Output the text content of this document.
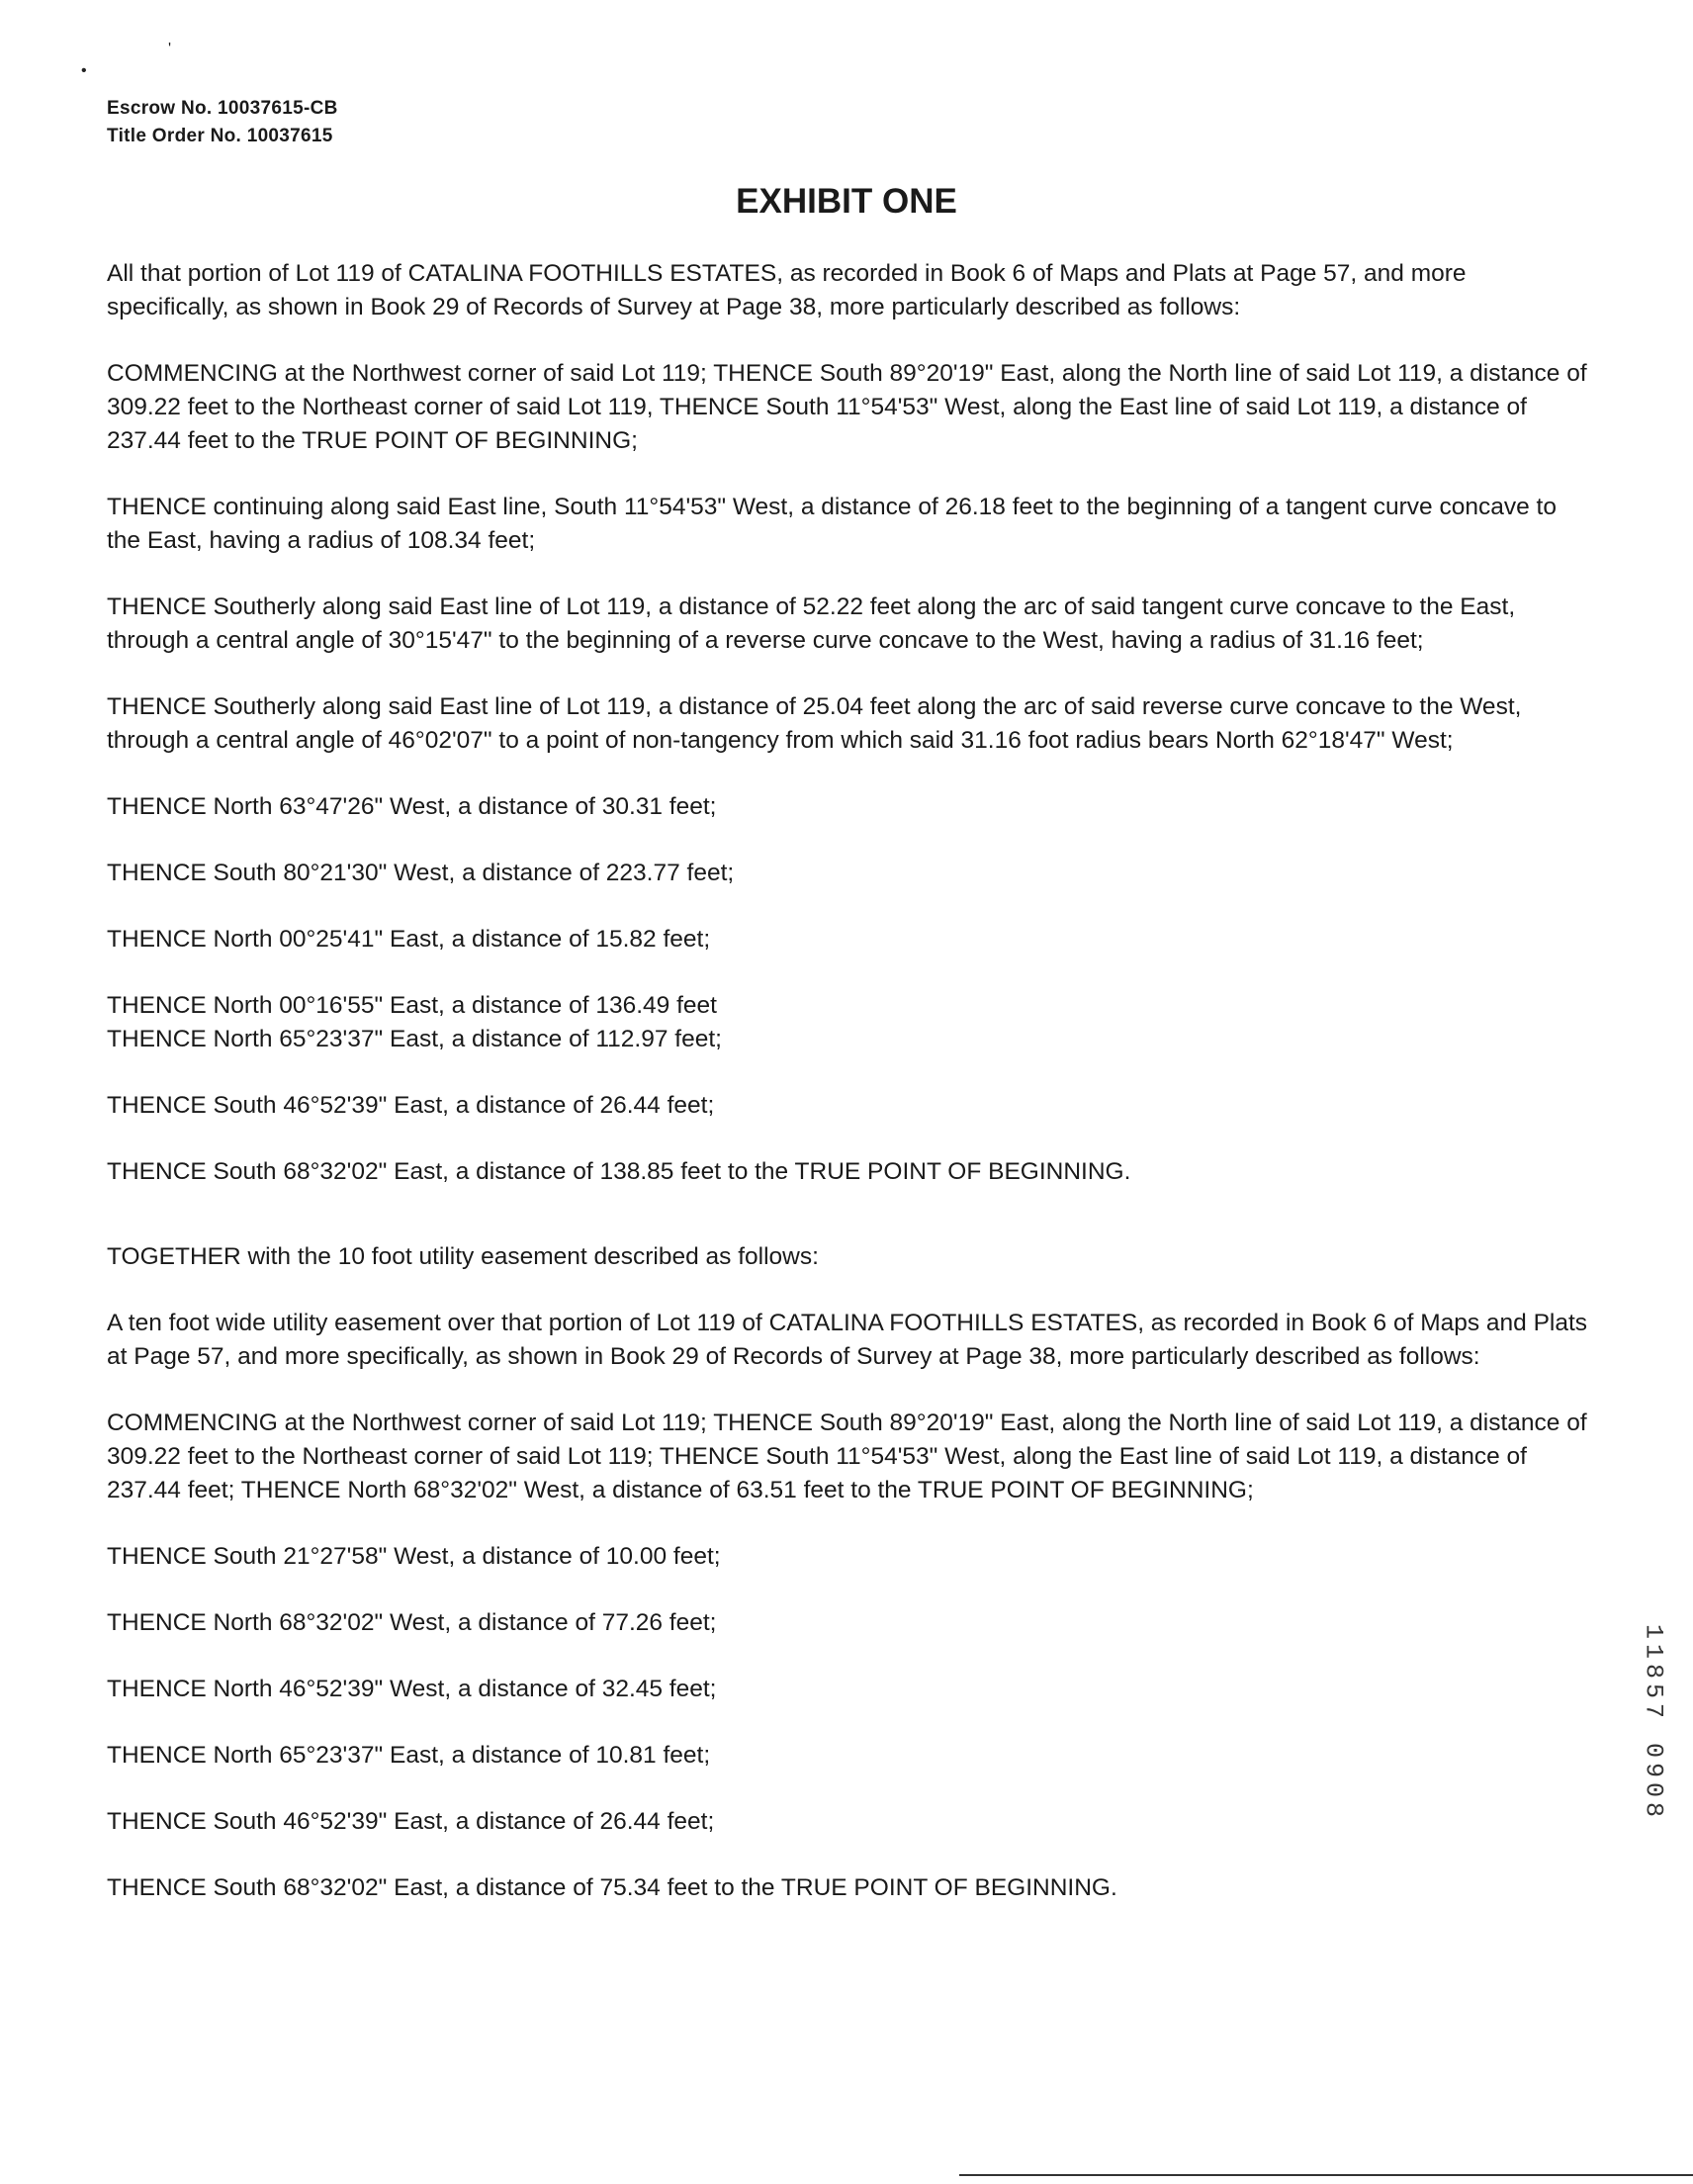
'
•
Escrow No. 10037615-CB
Title Order No. 10037615
EXHIBIT ONE

All that portion of Lot 119 of CATALINA FOOTHILLS ESTATES, as recorded in Book 6 of Maps and Plats at Page 57, and more specifically, as shown in Book 29 of Records of Survey at Page 38, more particularly described as follows:

COMMENCING at the Northwest corner of said Lot 119; THENCE South 89°20'19" East, along the North line of said Lot 119, a distance of 309.22 feet to the Northeast corner of said Lot 119, THENCE South 11°54'53" West, along the East line of said Lot 119, a distance of 237.44 feet to the TRUE POINT OF BEGINNING;

THENCE continuing along said East line, South 11°54'53" West, a distance of 26.18 feet to the beginning of a tangent curve concave to the East, having a radius of 108.34 feet;

THENCE Southerly along said East line of Lot 119, a distance of 52.22 feet along the arc of said tangent curve concave to the East, through a central angle of 30°15'47" to the beginning of a reverse curve concave to the West, having a radius of 31.16 feet;

THENCE Southerly along said East line of Lot 119, a distance of 25.04 feet along the arc of said reverse curve concave to the West, through a central angle of 46°02'07" to a point of non-tangency from which said 31.16 foot radius bears North 62°18'47" West;

THENCE North 63°47'26" West, a distance of 30.31 feet;

THENCE South 80°21'30" West, a distance of 223.77 feet;

THENCE North 00°25'41" East, a distance of 15.82 feet;

THENCE North 00°16'55" East, a distance of 136.49 feet

THENCE North 65°23'37" East, a distance of 112.97 feet;

THENCE South 46°52'39" East, a distance of 26.44 feet;

THENCE South 68°32'02" East, a distance of 138.85 feet to the TRUE POINT OF BEGINNING.

TOGETHER with the 10 foot utility easement described as follows:

A ten foot wide utility easement over that portion of Lot 119 of CATALINA FOOTHILLS ESTATES, as recorded in Book 6 of Maps and Plats at Page 57, and more specifically, as shown in Book 29 of Records of Survey at Page 38, more particularly described as follows:

COMMENCING at the Northwest corner of said Lot 119; THENCE South 89°20'19" East, along the North line of said Lot 119, a distance of 309.22 feet to the Northeast corner of said Lot 119; THENCE South 11°54'53" West, along the East line of said Lot 119, a distance of 237.44 feet; THENCE North 68°32'02" West, a distance of 63.51 feet to the TRUE POINT OF BEGINNING;

THENCE South 21°27'58" West, a distance of 10.00 feet;

THENCE North 68°32'02" West, a distance of 77.26 feet;

THENCE North 46°52'39" West, a distance of 32.45 feet;

THENCE North 65°23'37" East, a distance of 10.81 feet;

THENCE South 46°52'39" East, a distance of 26.44 feet;

THENCE South 68°32'02" East, a distance of 75.34 feet to the TRUE POINT OF BEGINNING.

11857 0908
